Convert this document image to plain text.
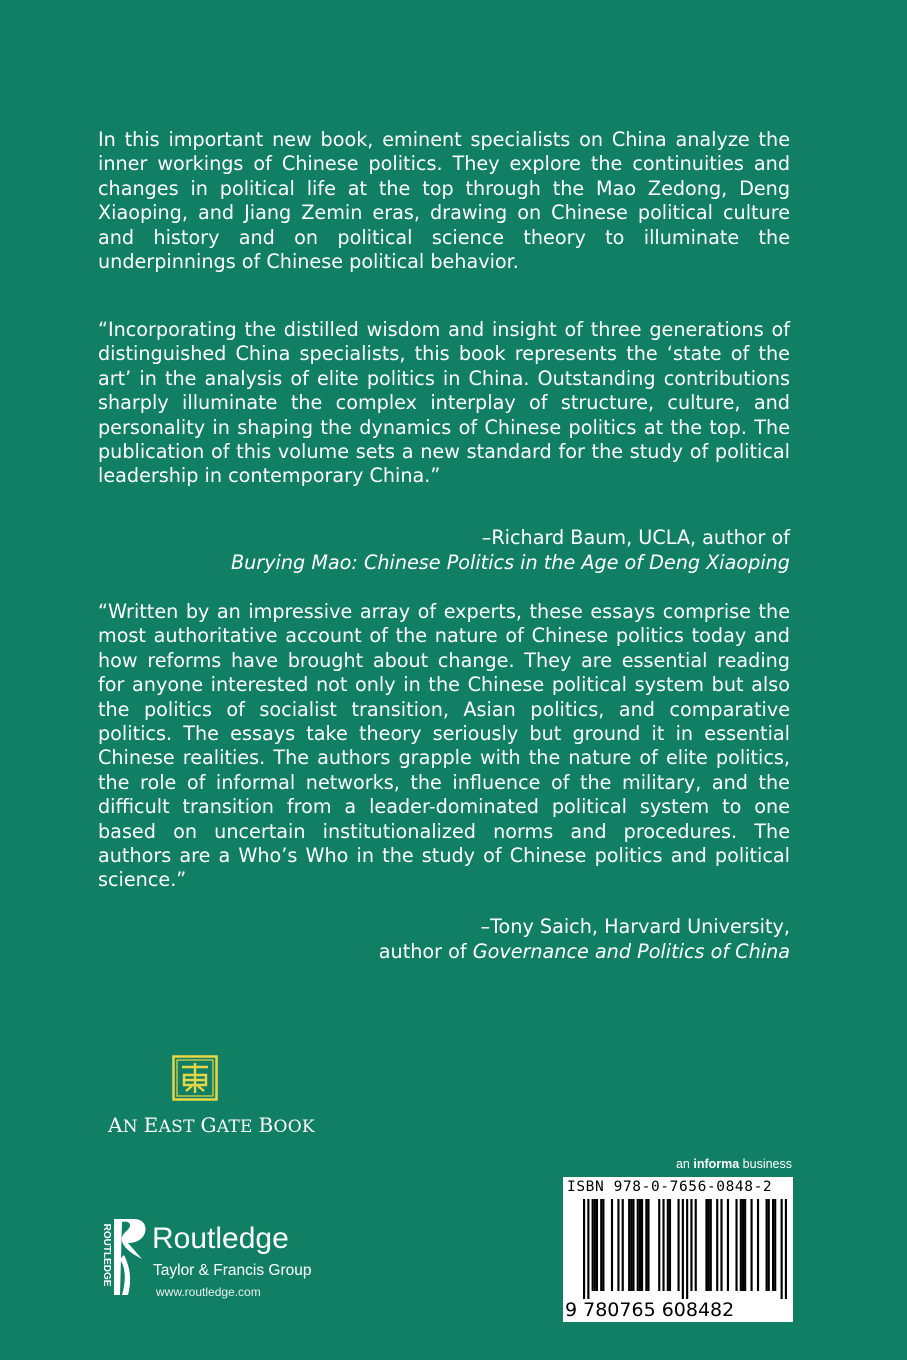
In this important new book, eminent specialists on China analyze the inner workings of Chinese politics. They explore the continuities and changes in political life at the top through the Mao Zedong, Deng Xiaoping, and Jiang Zemin eras, drawing on Chinese political culture and history and on political science theory to illuminate the underpinnings of Chinese political behavior.

“Incorporating the distilled wisdom and insight of three generations of distinguished China specialists, this book represents the ‘state of the art’ in the analysis of elite politics in China. Outstanding contributions sharply illuminate the complex interplay of structure, culture, and personality in shaping the dynamics of Chinese politics at the top. The publication of this volume sets a new standard for the study of political leadership in contemporary China.”

–Richard Baum, UCLA, author of
Burying Mao: Chinese Politics in the Age of Deng Xiaoping

“Written by an impressive array of experts, these essays comprise the most authoritative account of the nature of Chinese politics today and how reforms have brought about change. They are essential reading for anyone interested not only in the Chinese political system but also the politics of socialist transition, Asian politics, and comparative politics. The essays take theory seriously but ground it in essential Chinese realities. The authors grapple with the nature of elite politics, the role of informal networks, the influence of the military, and the difficult transition from a leader-dominated political system to one based on uncertain institutionalized norms and procedures. The authors are a Who’s Who in the study of Chinese politics and political science.”

–Tony Saich, Harvard University,
author of Governance and Politics of China
AN EAST GATE BOOK
ROUTLEDGE Routledge
Taylor & Francis Group
www.routledge.com
an informa business
ISBN 978-0-7656-0848-2
9 780765 608482
